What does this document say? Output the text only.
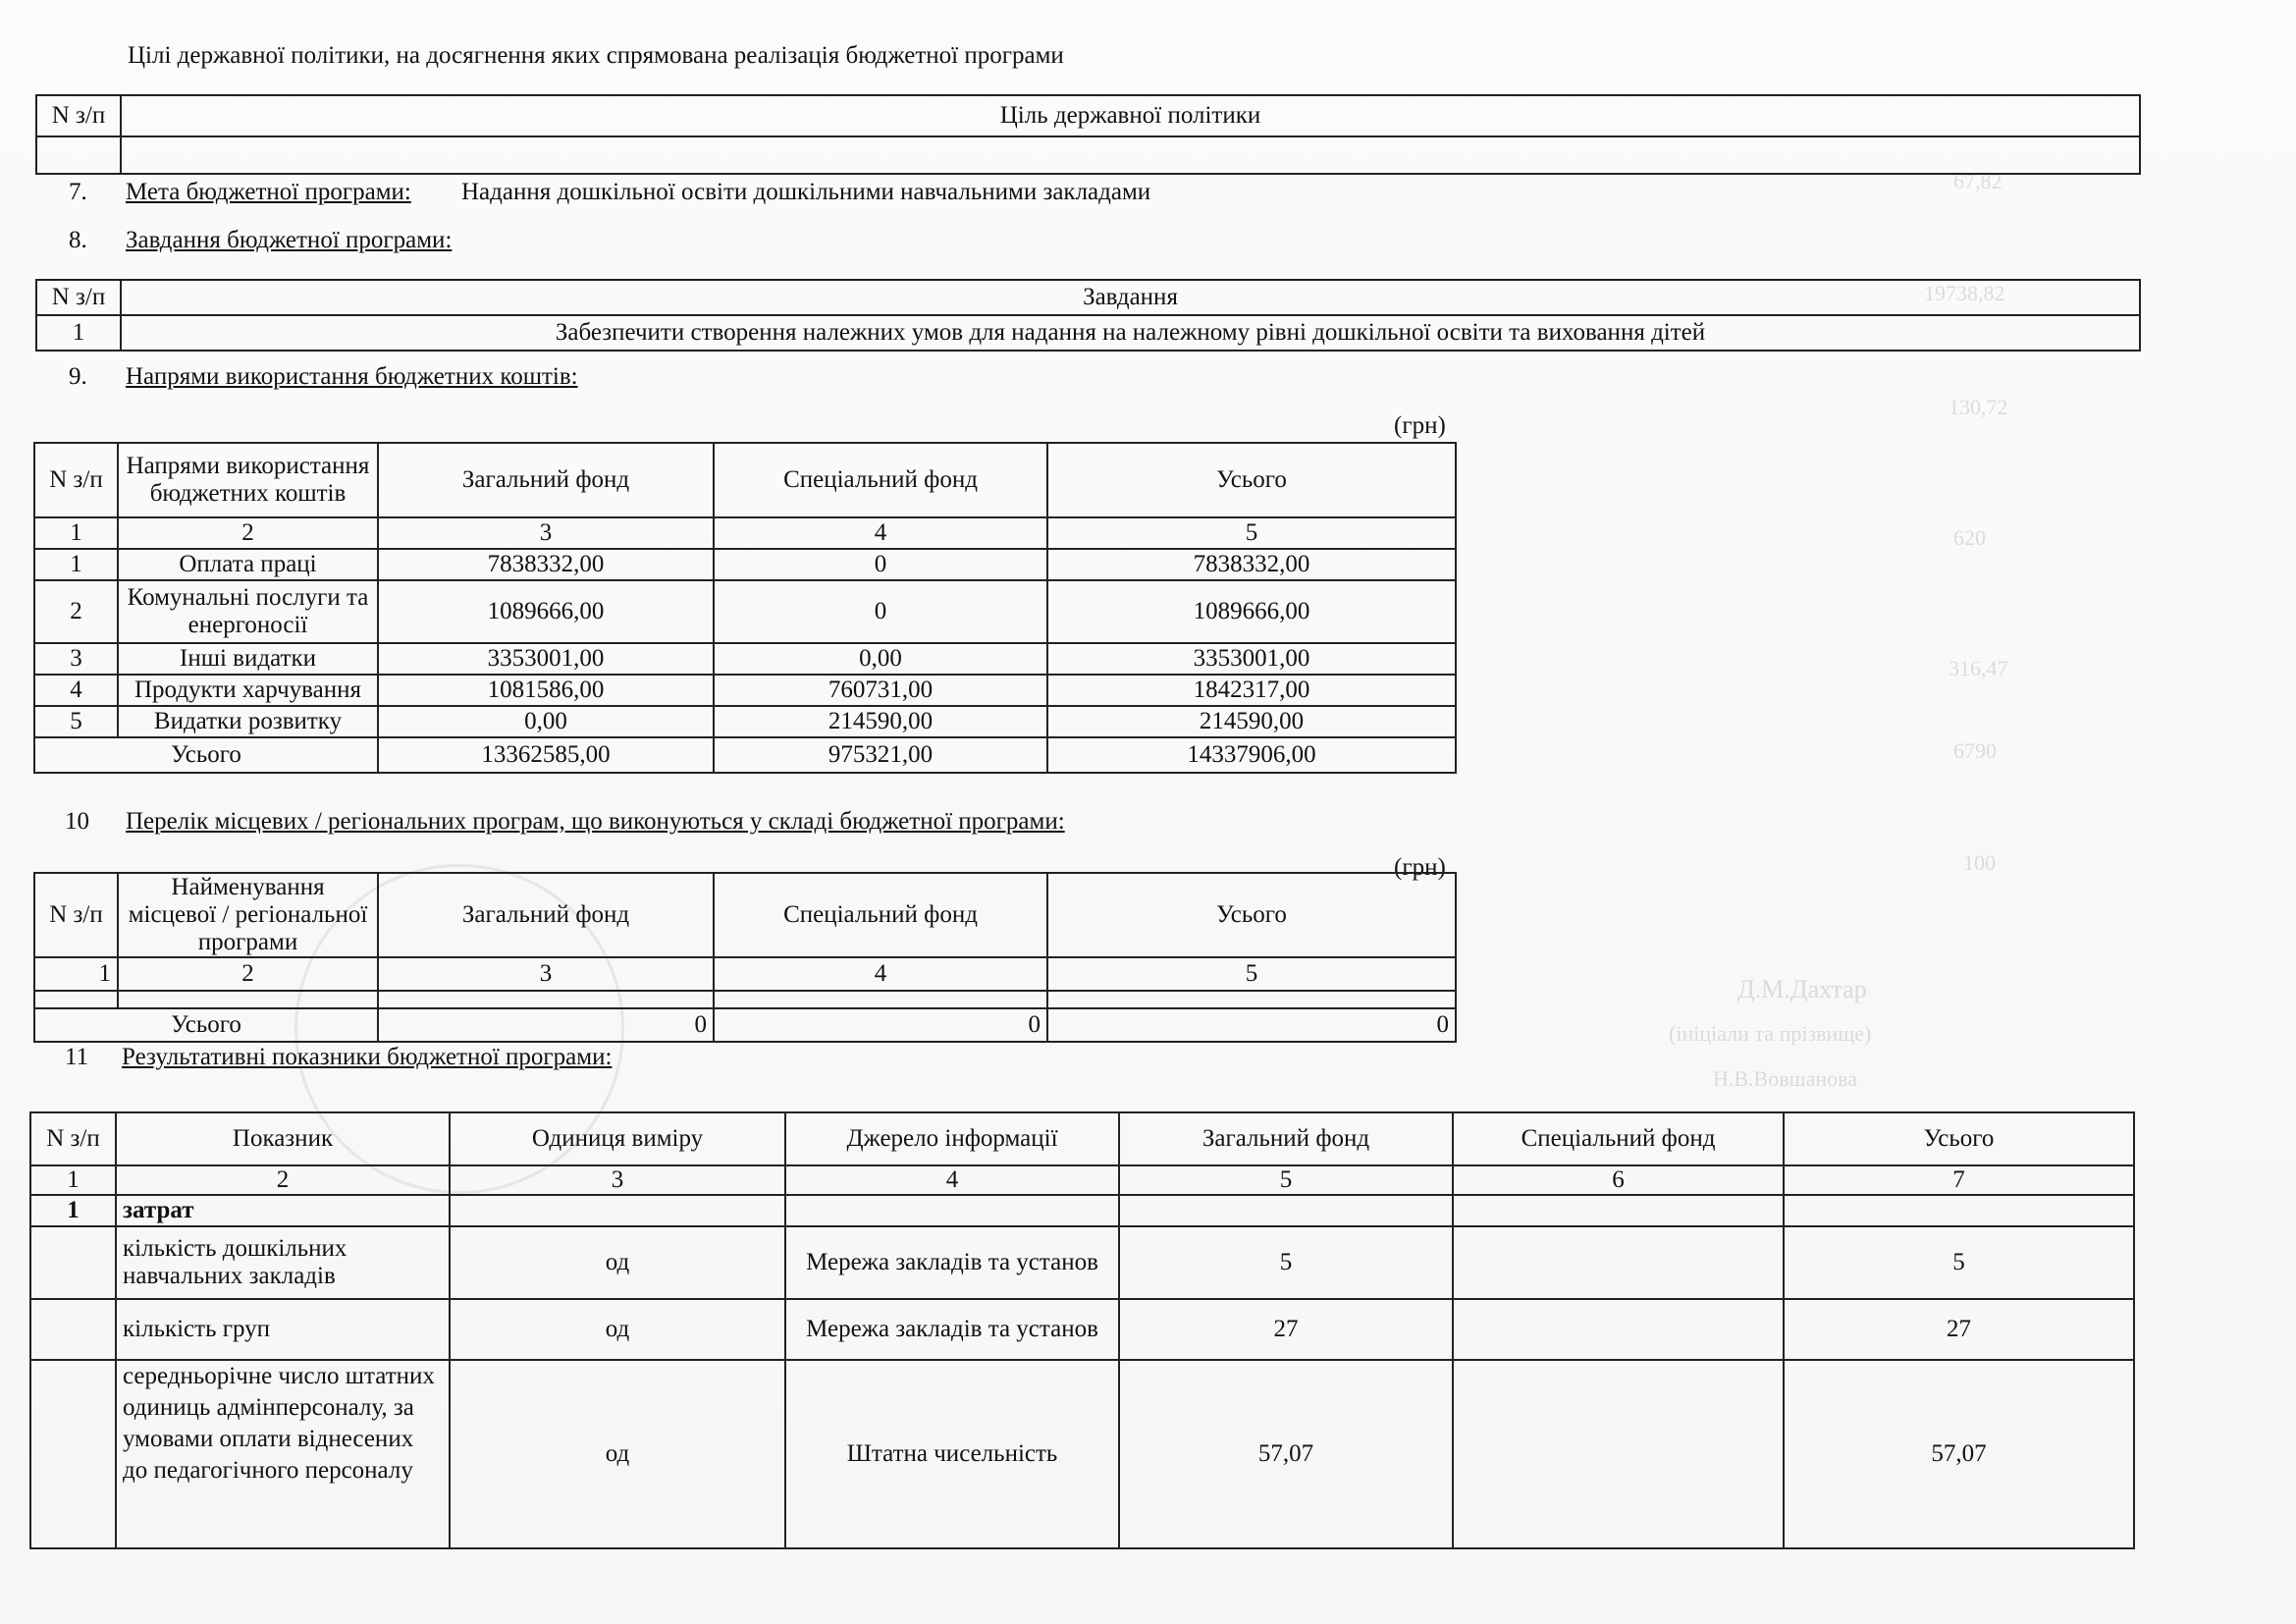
67,82
19738,82
130,72
620
316,47
6790
100
Д.М.Дахтар
(ініціали та прізвище)
Н.В.Вовшанова
Цілі державної політики, на досягнення яких спрямована реалізація бюджетної програми
N з/п	Ціль державної політики

7. Мета бюджетної програми: Надання дошкільної освіти дошкільними навчальними закладами
8. Завдання бюджетної програми:
N з/п	Завдання
1	Забезпечити створення належних умов для надання на належному рівні дошкільної освіти та виховання дітей
9. Напрями використання бюджетних коштів:
(грн)
N з/п	Напрями використання бюджетних коштів	Загальний фонд	Спеціальний фонд	Усього
1	2	3	4	5
1	Оплата праці	7838332,00	0	7838332,00
2	Комунальні послуги та енергоносії	1089666,00	0	1089666,00
3	Інші видатки	3353001,00	0,00	3353001,00
4	Продукти харчування	1081586,00	760731,00	1842317,00
5	Видатки розвитку	0,00	214590,00	214590,00
Усього		13362585,00	975321,00	14337906,00
10 Перелік місцевих / регіональних програм, що виконуються у складі бюджетної програми:
(грн)
N з/п	Найменування місцевої / регіональної програми	Загальний фонд	Спеціальний фонд	Усього
1	2	3	4	5

Усього		0	0	0
11 Результативні показники бюджетної програми:
N з/п	Показник	Одиниця виміру	Джерело інформації	Загальний фонд	Спеціальний фонд	Усього
1	2	3	4	5	6	7
1	затрат					
	кількість дошкільних навчальних закладів	од	Мережа закладів та установ	5		5
	кількість груп	од	Мережа закладів та установ	27		27
	середньорічне число штатних одиниць адмінперсоналу, за умовами оплати віднесених до педагогічного персоналу	од	Штатна чисельність	57,07		57,07
